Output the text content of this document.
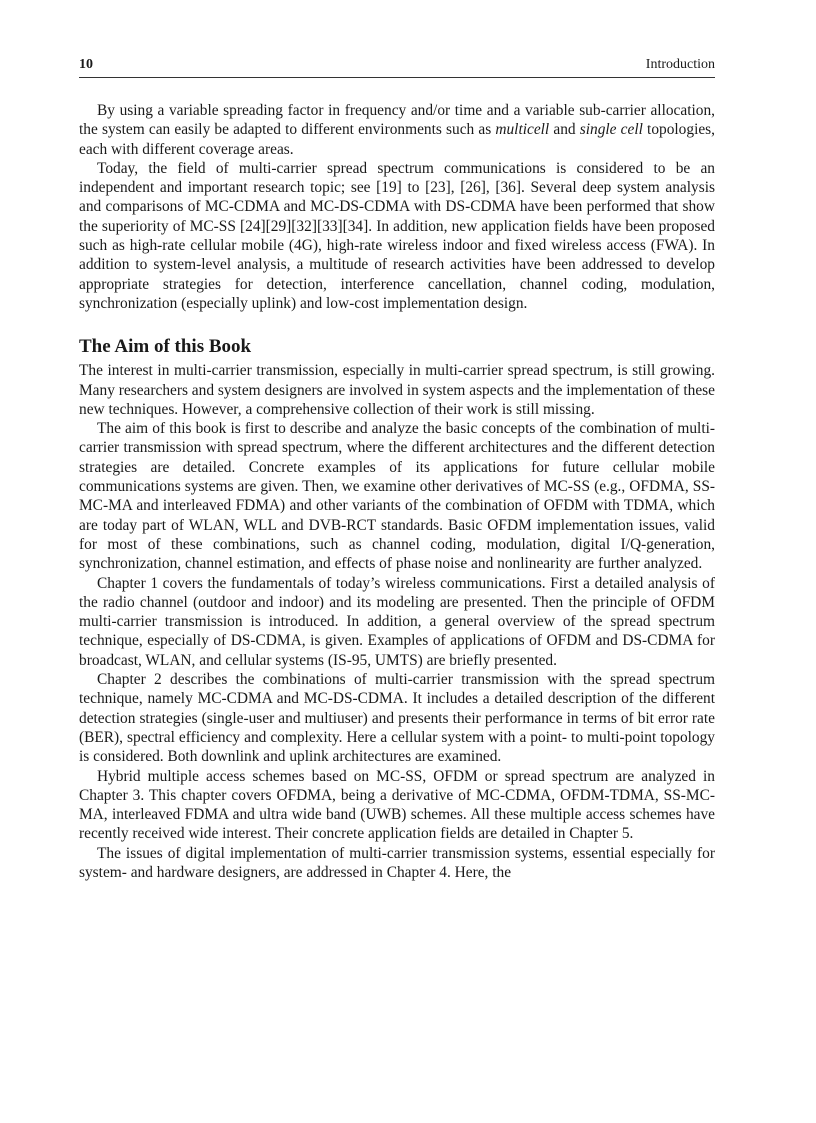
10	Introduction

By using a variable spreading factor in frequency and/or time and a variable sub-carrier allocation, the system can easily be adapted to different environments such as multicell and single cell topologies, each with different coverage areas.

Today, the field of multi-carrier spread spectrum communications is considered to be an independent and important research topic; see [19] to [23], [26], [36]. Several deep system analysis and comparisons of MC-CDMA and MC-DS-CDMA with DS-CDMA have been performed that show the superiority of MC-SS [24][29][32][33][34]. In addition, new application fields have been proposed such as high-rate cellular mobile (4G), high-rate wireless indoor and fixed wireless access (FWA). In addition to system-level analysis, a multitude of research activities have been addressed to develop appropriate strategies for detection, interference cancellation, channel coding, modulation, synchronization (especially uplink) and low-cost implementation design.

The Aim of this Book

The interest in multi-carrier transmission, especially in multi-carrier spread spectrum, is still growing. Many researchers and system designers are involved in system aspects and the implementation of these new techniques. However, a comprehensive collection of their work is still missing.

The aim of this book is first to describe and analyze the basic concepts of the combination of multi-carrier transmission with spread spectrum, where the different architectures and the different detection strategies are detailed. Concrete examples of its applications for future cellular mobile communications systems are given. Then, we examine other derivatives of MC-SS (e.g., OFDMA, SS-MC-MA and interleaved FDMA) and other variants of the combination of OFDM with TDMA, which are today part of WLAN, WLL and DVB-RCT standards. Basic OFDM implementation issues, valid for most of these combinations, such as channel coding, modulation, digital I/Q-generation, synchronization, channel estimation, and effects of phase noise and nonlinearity are further analyzed.

Chapter 1 covers the fundamentals of today’s wireless communications. First a detailed analysis of the radio channel (outdoor and indoor) and its modeling are presented. Then the principle of OFDM multi-carrier transmission is introduced. In addition, a general overview of the spread spectrum technique, especially of DS-CDMA, is given. Examples of applications of OFDM and DS-CDMA for broadcast, WLAN, and cellular systems (IS-95, UMTS) are briefly presented.

Chapter 2 describes the combinations of multi-carrier transmission with the spread spectrum technique, namely MC-CDMA and MC-DS-CDMA. It includes a detailed description of the different detection strategies (single-user and multiuser) and presents their performance in terms of bit error rate (BER), spectral efficiency and complexity. Here a cellular system with a point- to multi-point topology is considered. Both downlink and uplink architectures are examined.

Hybrid multiple access schemes based on MC-SS, OFDM or spread spectrum are analyzed in Chapter 3. This chapter covers OFDMA, being a derivative of MC-CDMA, OFDM-TDMA, SS-MC-MA, interleaved FDMA and ultra wide band (UWB) schemes. All these multiple access schemes have recently received wide interest. Their concrete application fields are detailed in Chapter 5.

The issues of digital implementation of multi-carrier transmission systems, essential especially for system- and hardware designers, are addressed in Chapter 4. Here, the
